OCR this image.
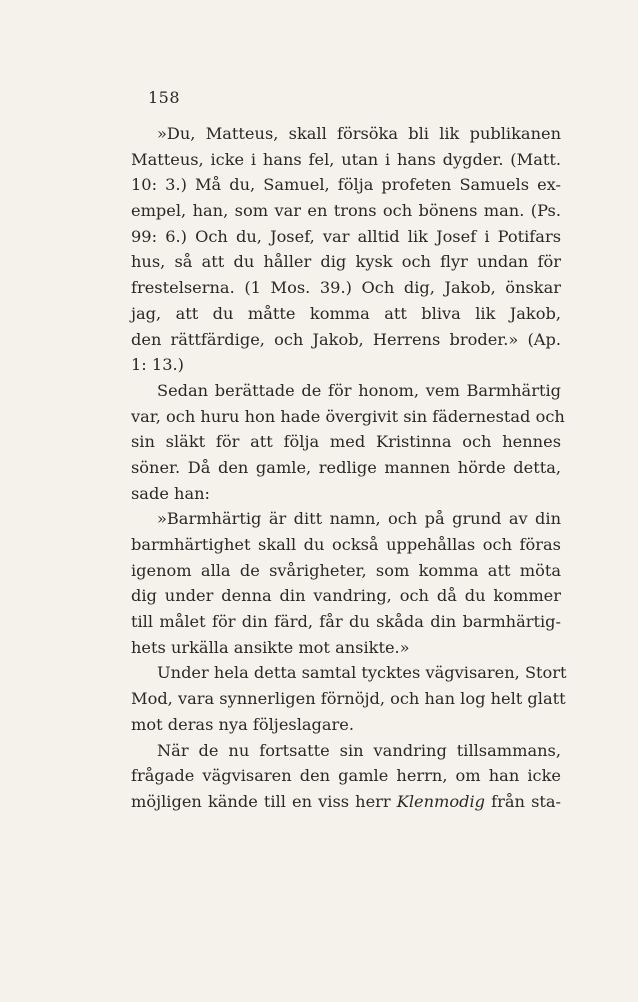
158
»Du, Matteus, skall försöka bli lik publikanen
Matteus, icke i hans fel, utan i hans dygder. (Matt.
10: 3.) Må du, Samuel, följa profeten Samuels ex-
empel, han, som var en trons och bönens man. (Ps.
99: 6.) Och du, Josef, var alltid lik Josef i Potifars
hus, så att du håller dig kysk och flyr undan för
frestelserna. (1 Mos. 39.) Och dig, Jakob, önskar
jag, att du måtte komma att bliva lik Jakob,
den rättfärdige, och Jakob, Herrens broder.» (Ap.
1: 13.)
Sedan berättade de för honom, vem Barmhärtig
var, och huru hon hade övergivit sin fädernestad och
sin släkt för att följa med Kristinna och hennes
söner. Då den gamle, redlige mannen hörde detta,
sade han:
»Barmhärtig är ditt namn, och på grund av din
barmhärtighet skall du också uppehållas och föras
igenom alla de svårigheter, som komma att möta
dig under denna din vandring, och då du kommer
till målet för din färd, får du skåda din barmhärtig-
hets urkälla ansikte mot ansikte.»
Under hela detta samtal tycktes vägvisaren, Stort
Mod, vara synnerligen förnöjd, och han log helt glatt
mot deras nya följeslagare.
När de nu fortsatte sin vandring tillsammans,
frågade vägvisaren den gamle herrn, om han icke
möjligen kände till en viss herr Klenmodig från sta-
